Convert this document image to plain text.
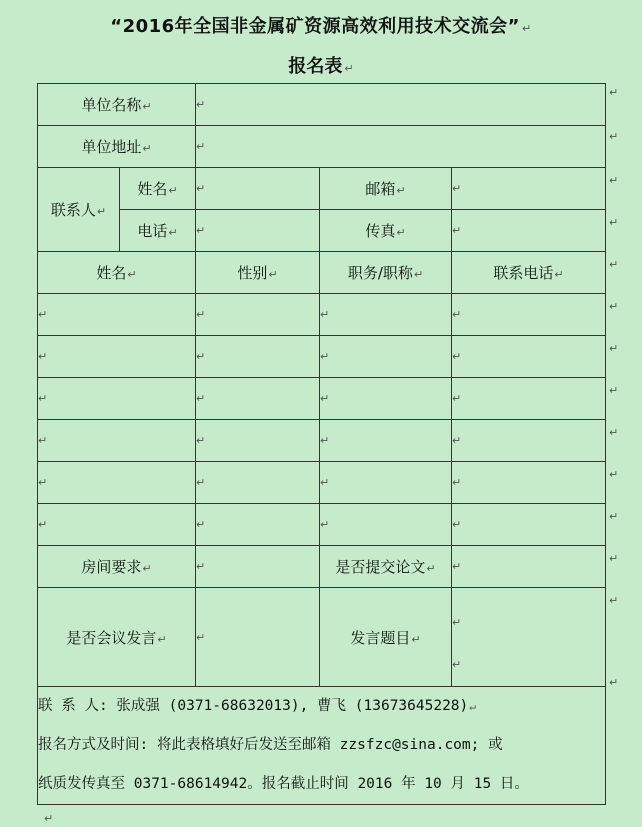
“2016年全国非金属矿资源高效利用技术交流会” ↵
报名表 ↵
单位名称↵		↵		
单位地址↵		↵		
联系人↵	姓名↵	↵	邮箱↵	↵
	电话↵	↵	传真↵	↵
姓名↵		性别↵	职务/职称↵	联系电话↵
↵		↵	↵	↵
↵		↵	↵	↵
↵		↵	↵	↵
↵		↵	↵	↵
↵		↵	↵	↵
↵		↵	↵	↵
房间要求↵		↵	是否提交论文↵	↵
是否会议发言↵		↵	发言题目↵	↵
↵

联 系 人: 张成强 (0371-68632013), 曹飞 (13673645228)↵
报名方式及时间: 将此表格填好后发送至邮箱 zzsfzc@sina.com; 或
纸质发传真至 0371-68614942。报名截止时间 2016 年 10 月 15 日。				
↵
↵
↵
↵
↵
↵
↵
↵
↵
↵
↵
↵
↵
↵
↵
